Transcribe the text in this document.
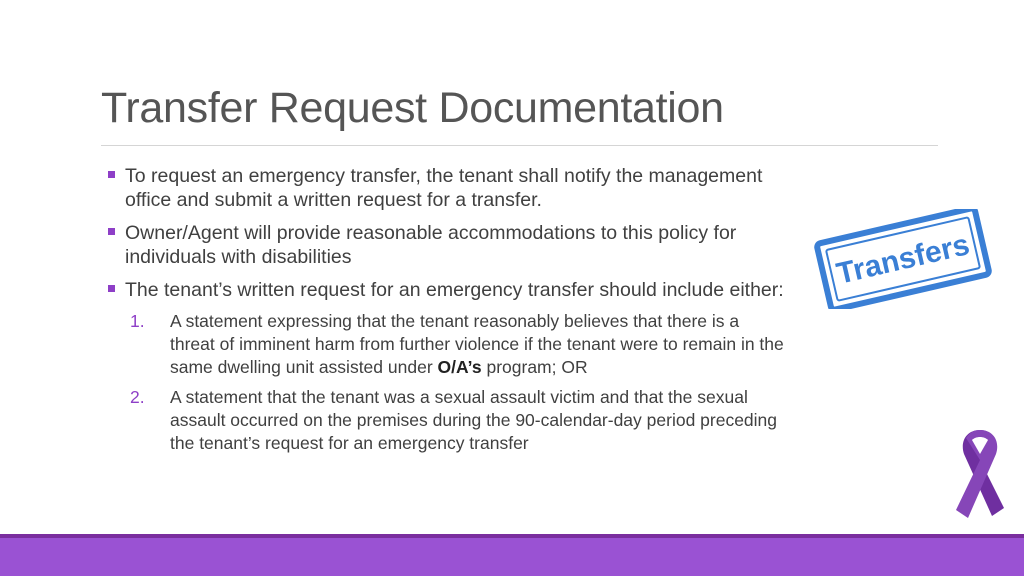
Transfer Request Documentation
To request an emergency transfer, the tenant shall notify the management office and submit a written request for a transfer.
Owner/Agent will provide reasonable accommodations to this policy for individuals with disabilities
The tenant’s written request for an emergency transfer should include either:
1. A statement expressing that the tenant reasonably believes that there is a threat of imminent harm from further violence if the tenant were to remain in the same dwelling unit assisted under O/A’s program; OR
2. A statement that the tenant was a sexual assault victim and that the sexual assault occurred on the premises during the 90-calendar-day period preceding the tenant’s request for an emergency transfer
Transfers
